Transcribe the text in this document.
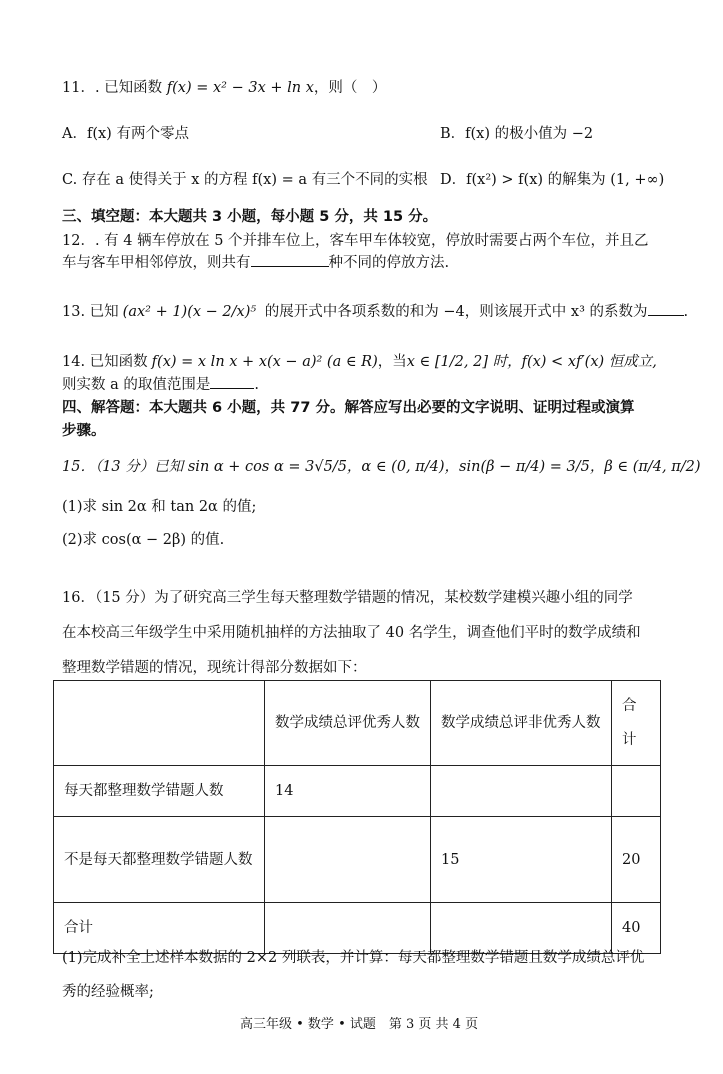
11．. 已知函数 f(x) = x² − 3x + ln x，则（　）
A．f(x) 有两个零点	B．f(x) 的极小值为 −2
C. 存在 a 使得关于 x 的方程 f(x) = a 有三个不同的实根 D．f(x²) > f(x) 的解集为 (1, +∞)
三、填空题：本大题共 3 小题，每小题 5 分，共 15 分。
12．. 有 4 辆车停放在 5 个并排车位上，客车甲车体较宽，停放时需要占两个车位，并且乙
车与客车甲相邻停放，则共有	种不同的停放方法.
13. 已知 (ax² + 1)(x − 2/x)⁵ 的展开式中各项系数的和为 −4，则该展开式中 x³ 的系数为 .
14. 已知函数 f(x) = x ln x + x(x − a)² (a ∈ R)，当x ∈ [1/2, 2] 时，f(x) < xf′(x) 恒成立,
则实数 a 的取值范围是	.
四、解答题：本大题共 6 小题，共 77 分。解答应写出必要的文字说明、证明过程或演算
步骤。
15．（13 分）已知 sin α + cos α = 3√5/5，α ∈ (0, π/4)，sin(β − π/4) = 3/5，β ∈ (π/4, π/2)
(1)求 sin 2α 和 tan 2α 的值;
(2)求 cos(α − 2β) 的值.
16．（15 分）为了研究高三学生每天整理数学错题的情况，某校数学建模兴趣小组的同学
在本校高三年级学生中采用随机抽样的方法抽取了 40 名学生，调查他们平时的数学成绩和
整理数学错题的情况，现统计得部分数据如下：
	数学成绩总评优秀人数	数学成绩总评非优秀人数	合计
每天都整理数学错题人数	14		
不是每天都整理数学错题人数		15	20
合计			40
(1)完成补全上述样本数据的 2×2 列联表，并计算：每天都整理数学错题且数学成绩总评优
秀的经验概率;
高三年级 • 数学 • 试题　第 3 页 共 4 页
